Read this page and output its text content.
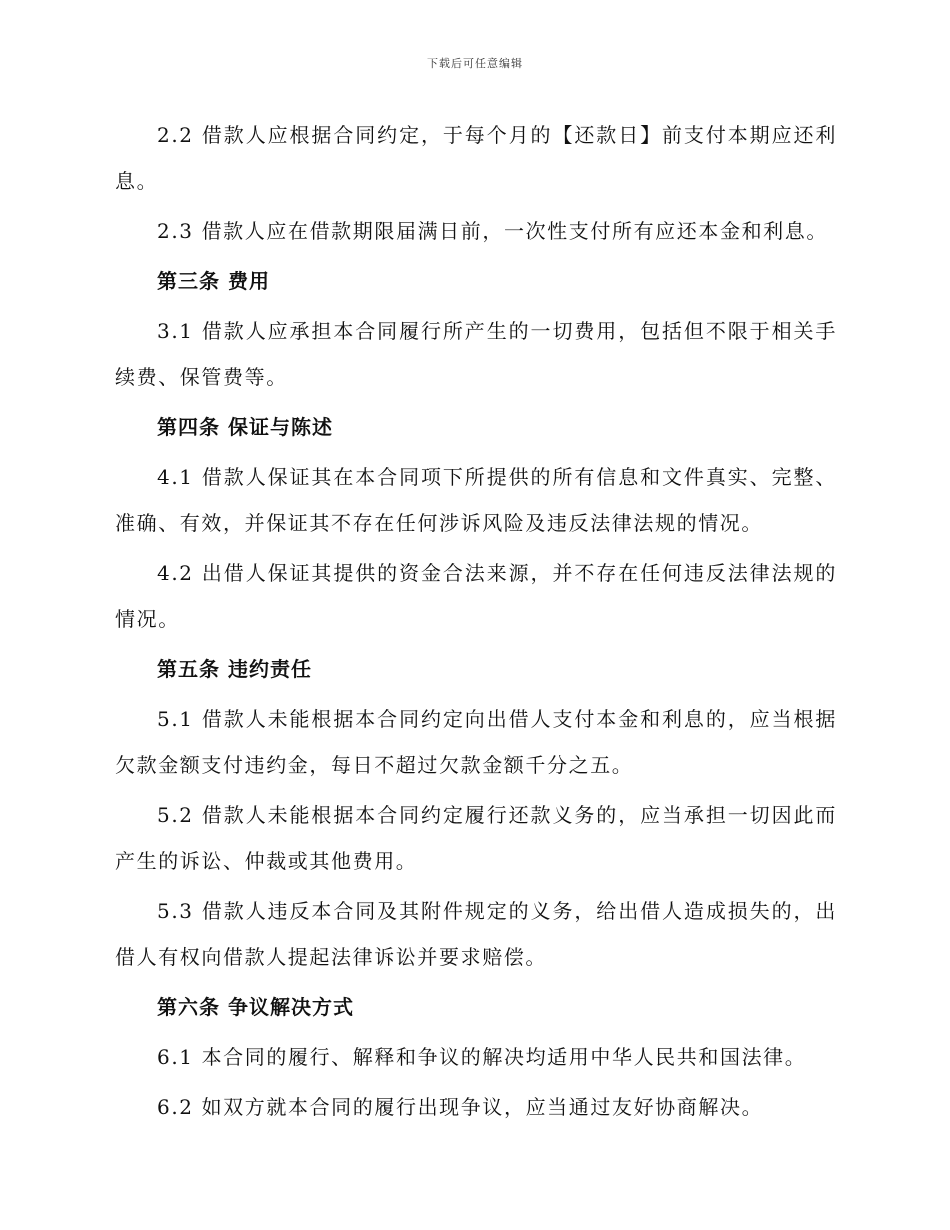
下载后可任意编辑

2.2 借款人应根据合同约定，于每个月的【还款日】前支付本期应还利息。

2.3 借款人应在借款期限届满日前，一次性支付所有应还本金和利息。

第三条 费用

3.1 借款人应承担本合同履行所产生的一切费用，包括但不限于相关手续费、保管费等。

第四条 保证与陈述

4.1 借款人保证其在本合同项下所提供的所有信息和文件真实、完整、准确、有效，并保证其不存在任何涉诉风险及违反法律法规的情况。

4.2 出借人保证其提供的资金合法来源，并不存在任何违反法律法规的情况。

第五条 违约责任

5.1 借款人未能根据本合同约定向出借人支付本金和利息的，应当根据欠款金额支付违约金，每日不超过欠款金额千分之五。

5.2 借款人未能根据本合同约定履行还款义务的，应当承担一切因此而产生的诉讼、仲裁或其他费用。

5.3 借款人违反本合同及其附件规定的义务，给出借人造成损失的，出借人有权向借款人提起法律诉讼并要求赔偿。

第六条 争议解决方式

6.1 本合同的履行、解释和争议的解决均适用中华人民共和国法律。

6.2 如双方就本合同的履行出现争议，应当通过友好协商解决。
